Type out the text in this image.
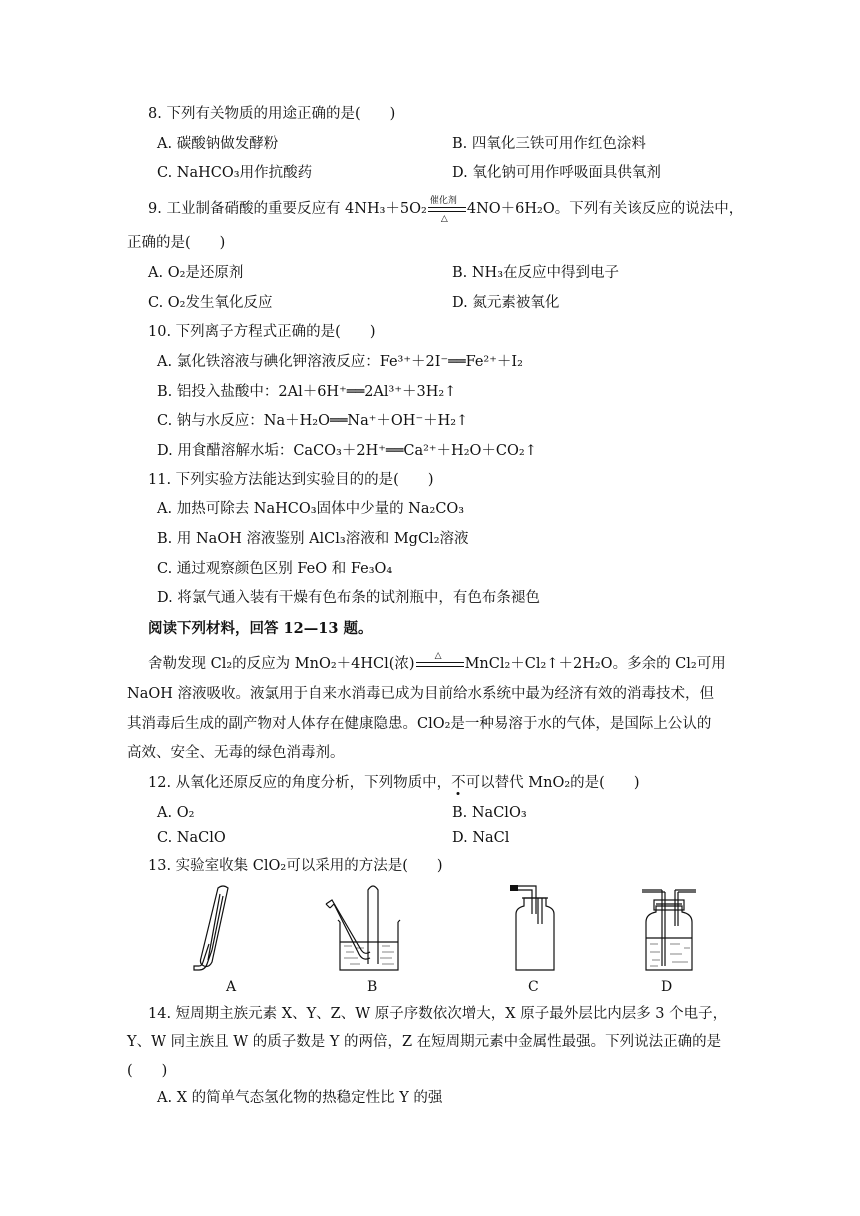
8. 下列有关物质的用途正确的是(　　)
A. 碳酸钠做发酵粉	B. 四氧化三铁可用作红色涂料
C. NaHCO₃用作抗酸药	D. 氧化钠可用作呼吸面具供氧剂
9. 工业制备硝酸的重要反应有 4NH₃＋5O₂ 催化剂
△
4NO＋6H₂O。下列有关该反应的说法中，
正确的是(　　)
A. O₂是还原剂	B. NH₃在反应中得到电子
C. O₂发生氧化反应	D. 氮元素被氧化
10. 下列离子方程式正确的是(　　)
A. 氯化铁溶液与碘化钾溶液反应：Fe³⁺＋2I⁻══Fe²⁺＋I₂
B. 铝投入盐酸中：2Al＋6H⁺══2Al³⁺＋3H₂↑
C. 钠与水反应：Na＋H₂O══Na⁺＋OH⁻＋H₂↑
D. 用食醋溶解水垢：CaCO₃＋2H⁺══Ca²⁺＋H₂O＋CO₂↑
11. 下列实验方法能达到实验目的的是(　　)
A. 加热可除去 NaHCO₃固体中少量的 Na₂CO₃
B. 用 NaOH 溶液鉴别 AlCl₃溶液和 MgCl₂溶液
C. 通过观察颜色区别 FeO 和 Fe₃O₄
D. 将氯气通入装有干燥有色布条的试剂瓶中，有色布条褪色
阅读下列材料，回答 12—13 题。
舍勒发现 Cl₂的反应为 MnO₂＋4HCl(浓) △ MnCl₂＋Cl₂↑＋2H₂O。多余的 Cl₂可用
NaOH 溶液吸收。液氯用于自来水消毒已成为目前给水系统中最为经济有效的消毒技术，但
其消毒后生成的副产物对人体存在健康隐患。ClO₂是一种易溶于水的气体，是国际上公认的
高效、安全、无毒的绿色消毒剂。
12. 从氧化还原反应的角度分析，下列物质中，不可以替代 MnO₂的是(　　)
A. O₂	B. NaClO₃
C. NaClO	D. NaCl
13. 实验室收集 ClO₂可以采用的方法是(　　)
A	B	C	D
14. 短周期主族元素 X、Y、Z、W 原子序数依次增大，X 原子最外层比内层多 3 个电子，
Y、W 同主族且 W 的质子数是 Y 的两倍，Z 在短周期元素中金属性最强。下列说法正确的是
(　　)
A. X 的简单气态氢化物的热稳定性比 Y 的强
